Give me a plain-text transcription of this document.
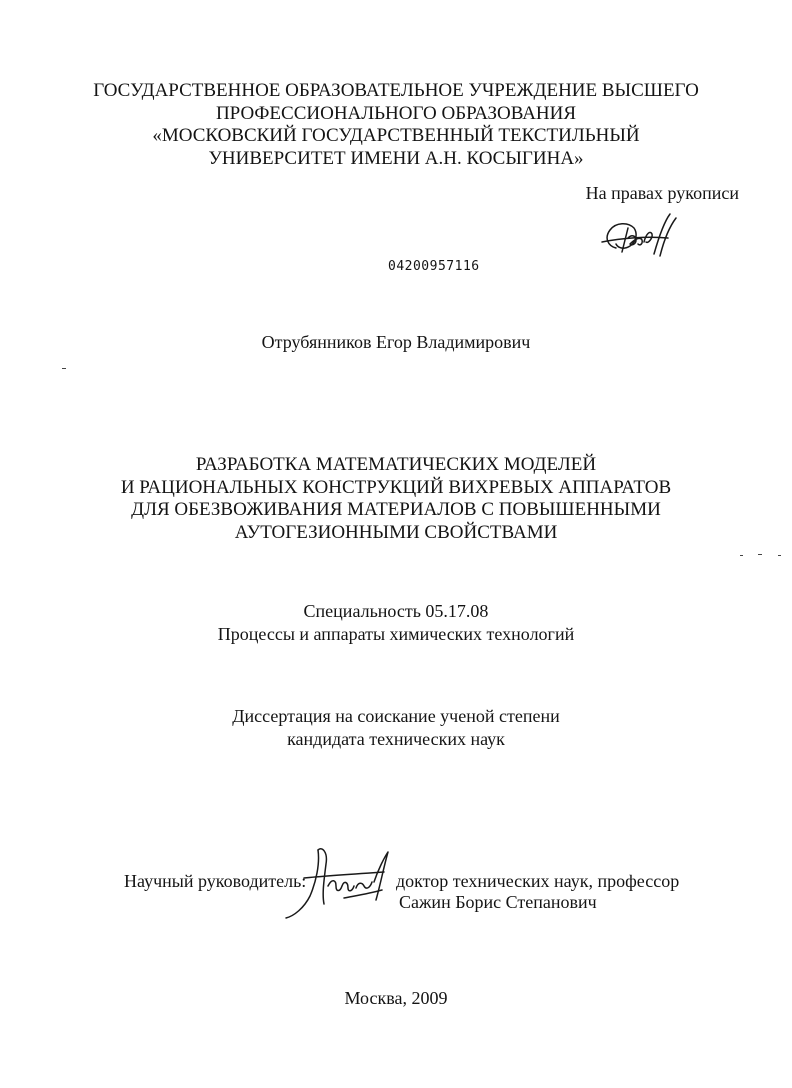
ГОСУДАРСТВЕННОЕ ОБРАЗОВАТЕЛЬНОЕ УЧРЕЖДЕНИЕ ВЫСШЕГО
ПРОФЕССИОНАЛЬНОГО ОБРАЗОВАНИЯ
«МОСКОВСКИЙ ГОСУДАРСТВЕННЫЙ ТЕКСТИЛЬНЫЙ
УНИВЕРСИТЕТ ИМЕНИ А.Н. КОСЫГИНА»
На правах рукописи
04200957116
Отрубянников Егор Владимирович
РАЗРАБОТКА МАТЕМАТИЧЕСКИХ МОДЕЛЕЙ
И РАЦИОНАЛЬНЫХ КОНСТРУКЦИЙ ВИХРЕВЫХ АППАРАТОВ
ДЛЯ ОБЕЗВОЖИВАНИЯ МАТЕРИАЛОВ С ПОВЫШЕННЫМИ
АУТОГЕЗИОННЫМИ СВОЙСТВАМИ
Специальность 05.17.08
Процессы и аппараты химических технологий
Диссертация на соискание ученой степени
кандидата технических наук
Научный руководитель:	доктор технических наук, профессор
Сажин Борис Степанович
Москва, 2009
